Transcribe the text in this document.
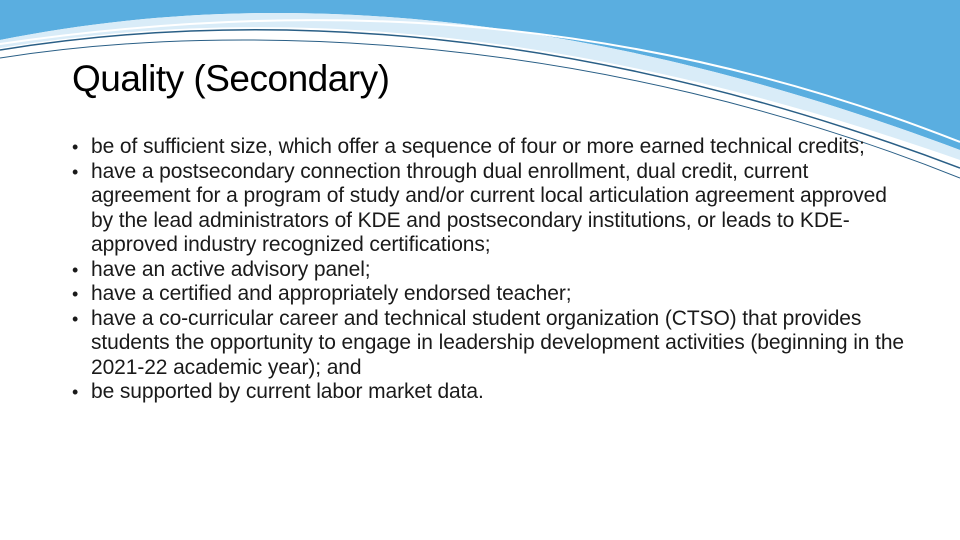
Quality (Secondary)
• be of sufficient size, which offer a sequence of four or more earned technical credits;
• have a postsecondary connection through dual enrollment, dual credit, current agreement for a program of study and/or current local articulation agreement approved by the lead administrators of KDE and postsecondary institutions, or leads to KDE-approved industry recognized certifications;
• have an active advisory panel;
• have a certified and appropriately endorsed teacher;
• have a co-curricular career and technical student organization (CTSO) that provides students the opportunity to engage in leadership development activities (beginning in the 2021-22 academic year); and
• be supported by current labor market data.
